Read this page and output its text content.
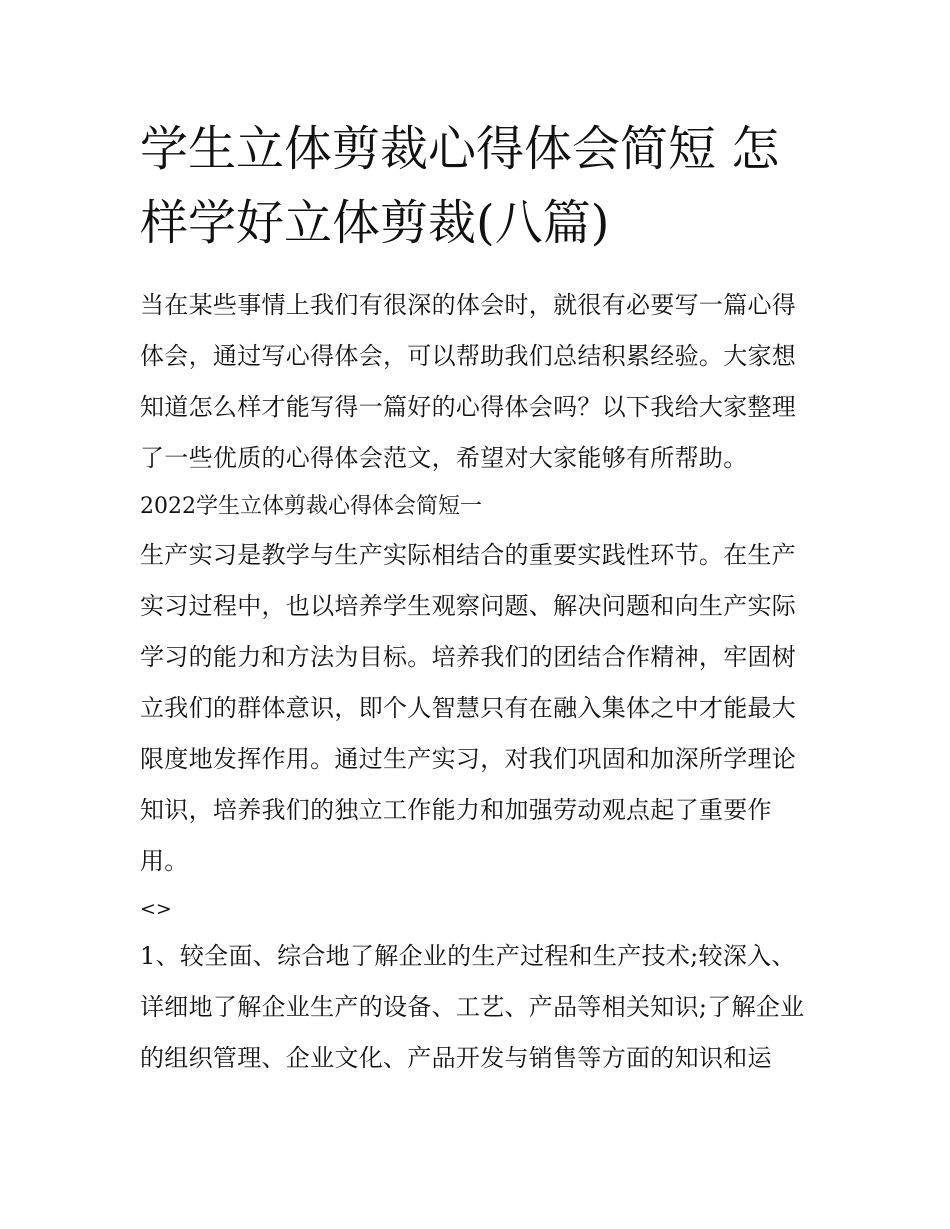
学生立体剪裁心得体会简短 怎样学好立体剪裁(八篇)

当在某些事情上我们有很深的体会时，就很有必要写一篇心得体会，通过写心得体会，可以帮助我们总结积累经验。大家想知道怎么样才能写得一篇好的心得体会吗？以下我给大家整理了一些优质的心得体会范文，希望对大家能够有所帮助。

2022学生立体剪裁心得体会简短一

生产实习是教学与生产实际相结合的重要实践性环节。在生产实习过程中，也以培养学生观察问题、解决问题和向生产实际学习的能力和方法为目标。培养我们的团结合作精神，牢固树立我们的群体意识，即个人智慧只有在融入集体之中才能最大限度地发挥作用。通过生产实习，对我们巩固和加深所学理论知识，培养我们的独立工作能力和加强劳动观点起了重要作用。

<>

1、较全面、综合地了解企业的生产过程和生产技术;较深入、详细地了解企业生产的设备、工艺、产品等相关知识;了解企业的组织管理、企业文化、产品开发与销售等方面的知识和运
